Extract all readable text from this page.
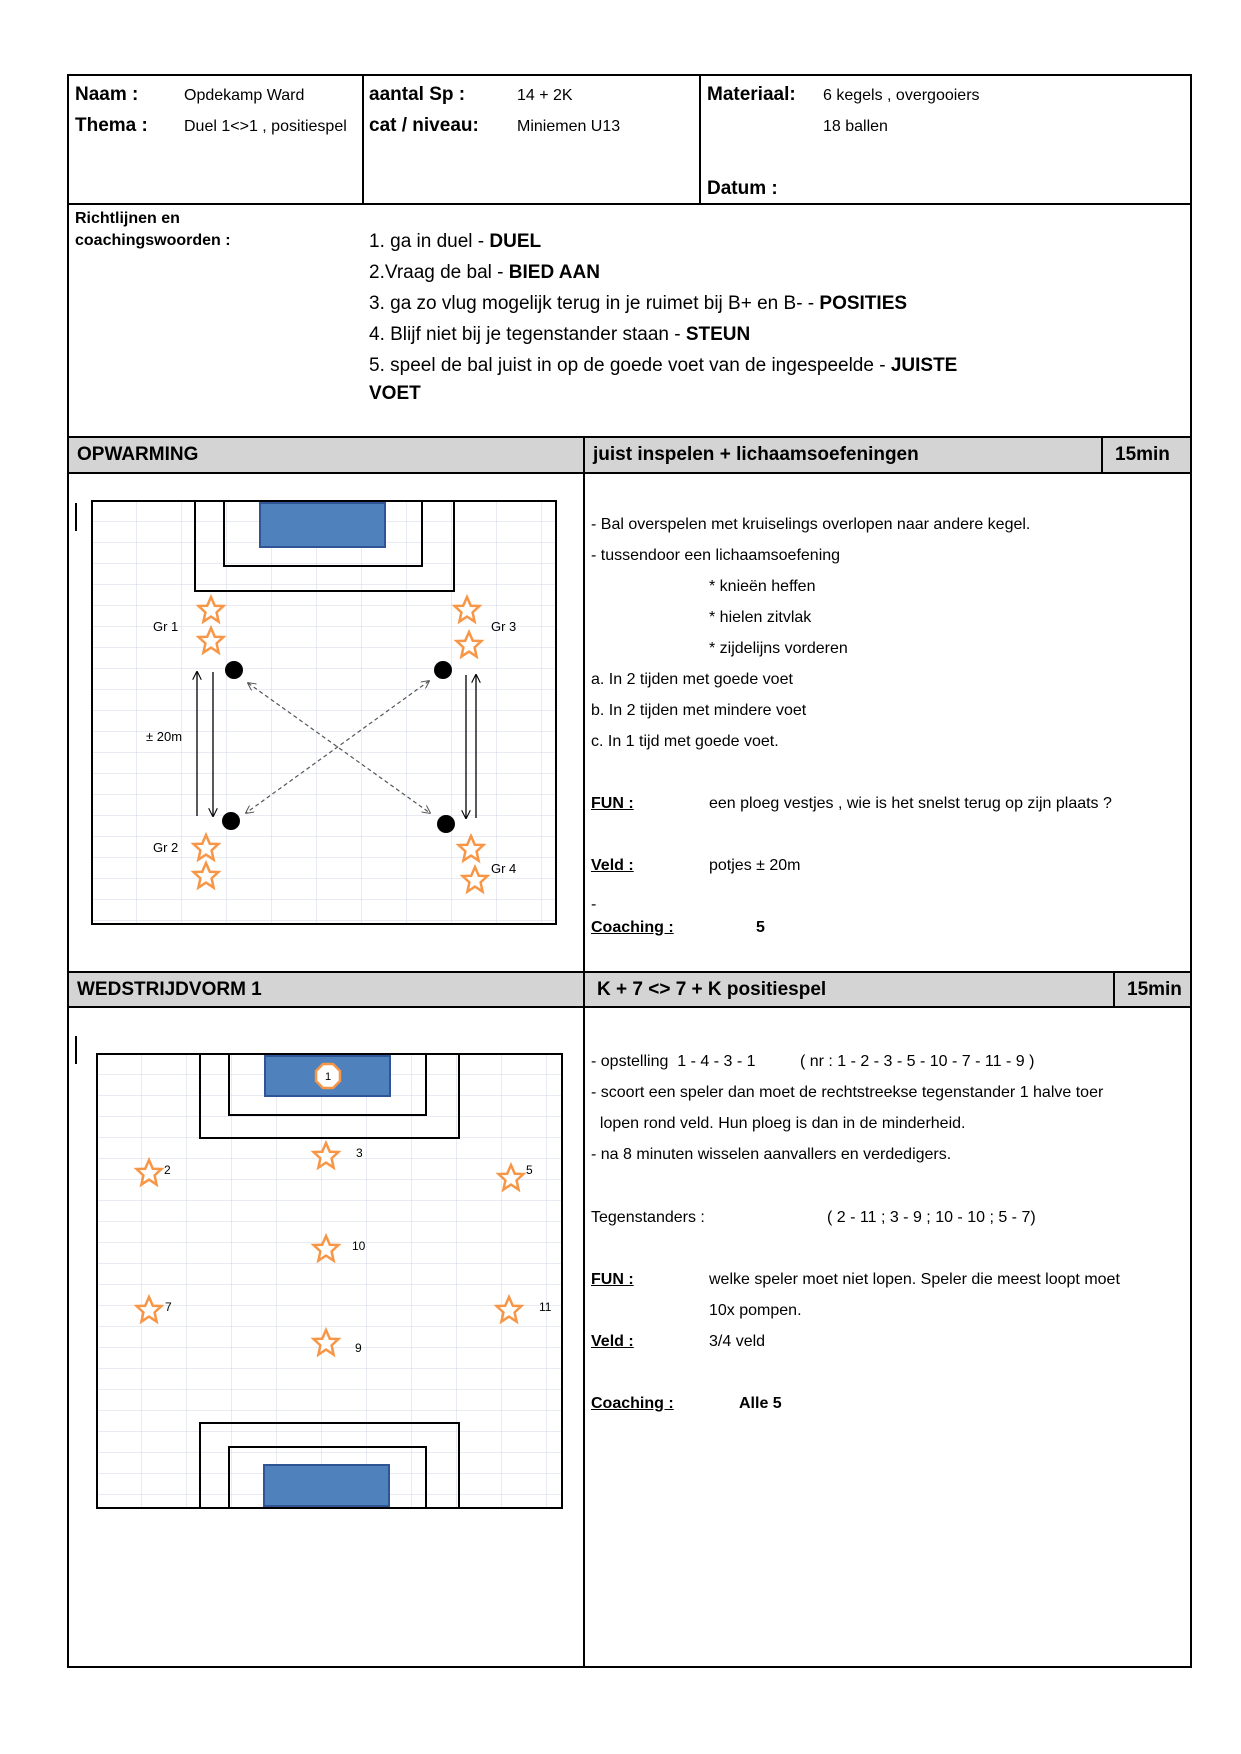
Naam :	Opdekamp Ward
Thema : Duel 1<>1 , positiespel
aantal Sp :	14 + 2K
cat / niveau: Miniemen U13
Materiaal: 6 kegels , overgooiers
18 ballen
Datum :
Richtlijnen en
coachingswoorden :	1. ga in duel - DUEL
2.Vraag de bal - BIED AAN
3. ga zo vlug mogelijk terug in je ruimet bij B+ en B- - POSITIES
4. Blijf niet bij je tegenstander staan - STEUN
5. speel de bal juist in op de goede voet van de ingespeelde - JUISTE
VOET
OPWARMING	juist inspelen + lichaamsoefeningen	15min
Gr 1	Gr 3
Gr 2
Gr 4
± 20m
- Bal overspelen met kruiselings overlopen naar andere kegel.
- tussendoor een lichaamsoefening
* knieën heffen
* hielen zitvlak
* zijdelijns vorderen
a. In 2 tijden met goede voet
b. In 2 tijden met mindere voet
c. In 1 tijd met goede voet.
FUN :	een ploeg vestjes , wie is het snelst terug op zijn plaats ?
Veld :	potjes ± 20m
-
Coaching :	5
WEDSTRIJDVORM 1	K + 7 <> 7 + K positiespel	15min
1
2
3
5
10
7	11
9
- opstelling  1 - 4 - 3 - 1          ( nr : 1 - 2 - 3 - 5 - 10 - 7 - 11 - 9 )
- scoort een speler dan moet de rechtstreekse tegenstander 1 halve toer
lopen rond veld. Hun ploeg is dan in de minderheid.
- na 8 minuten wisselen aanvallers en verdedigers.
Tegenstanders :	( 2 - 11 ; 3 - 9 ; 10 - 10 ; 5 - 7)
FUN :	welke speler moet niet lopen. Speler die meest loopt moet
10x pompen.
Veld :	3/4 veld
Coaching :	Alle 5
